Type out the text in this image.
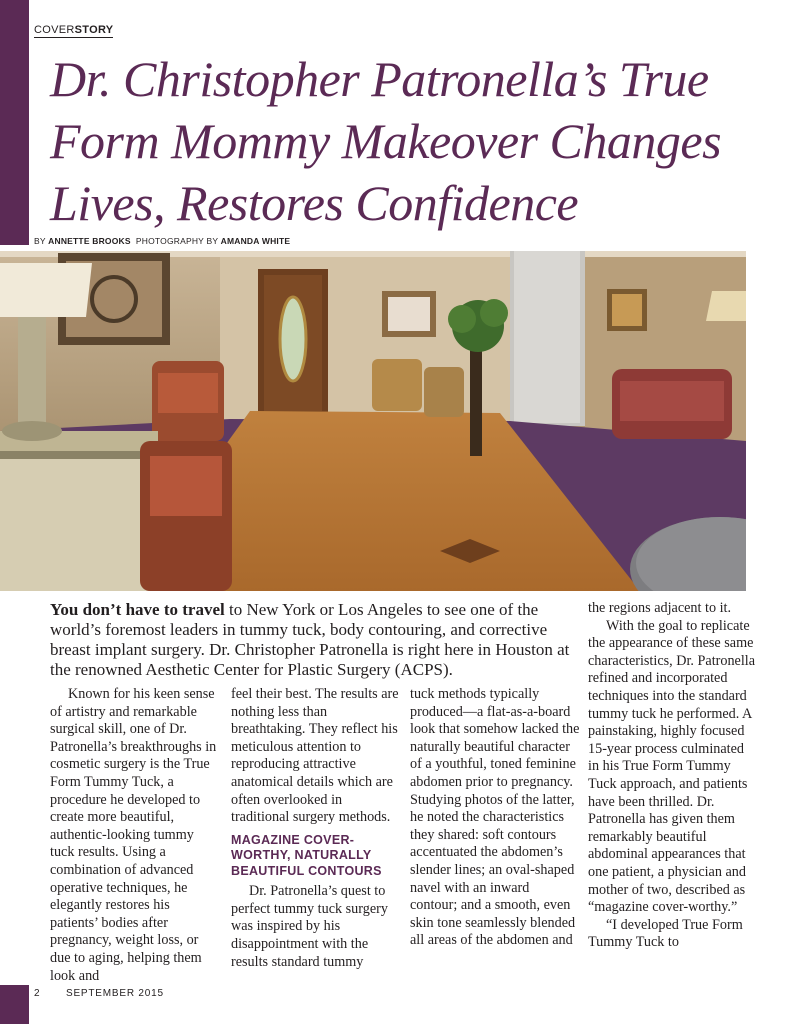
COVERSTORY
Dr. Christopher Patronella’s True Form Mommy Makeover Changes Lives, Restores Confidence
BY ANNETTE BROOKS PHOTOGRAPHY BY AMANDA WHITE

You don’t have to travel to New York or Los Angeles to see one of the world’s foremost leaders in tummy tuck, body contouring, and corrective breast implant surgery. Dr. Christopher Patronella is right here in Houston at the renowned Aesthetic Center for Plastic Surgery (ACPS).

Known for his keen sense of artistry and remarkable surgical skill, one of Dr. Patronella’s breakthroughs in cosmetic surgery is the True Form Tummy Tuck, a procedure he developed to create more beautiful, authentic-looking tummy tuck results. Using a combination of advanced operative techniques, he elegantly restores his patients’ bodies after pregnancy, weight loss, or due to aging, helping them look and

feel their best. The results are nothing less than breathtaking. They reflect his meticulous attention to reproducing attractive anatomical details which are often overlooked in traditional surgery methods.

MAGAZINE COVER-WORTHY, NATURALLY BEAUTIFUL CONTOURS

Dr. Patronella’s quest to perfect tummy tuck surgery was inspired by his disappointment with the results standard tummy

tuck methods typically produced—a flat-as-a-board look that somehow lacked the naturally beautiful character of a youthful, toned feminine abdomen prior to pregnancy. Studying photos of the latter, he noted the characteristics they shared: soft contours accentuated the abdomen’s slender lines; an oval-shaped navel with an inward contour; and a smooth, even skin tone seamlessly blended all areas of the abdomen and

the regions adjacent to it.

With the goal to replicate the appearance of these same characteristics, Dr. Patronella refined and incorporated techniques into the standard tummy tuck he performed. A painstaking, highly focused 15-year process culminated in his True Form Tummy Tuck approach, and patients have been thrilled. Dr. Patronella has given them remarkably beautiful abdominal appearances that one patient, a physician and mother of two, described as “magazine cover-worthy.”

“I developed True Form Tummy Tuck to

2	SEPTEMBER 2015
